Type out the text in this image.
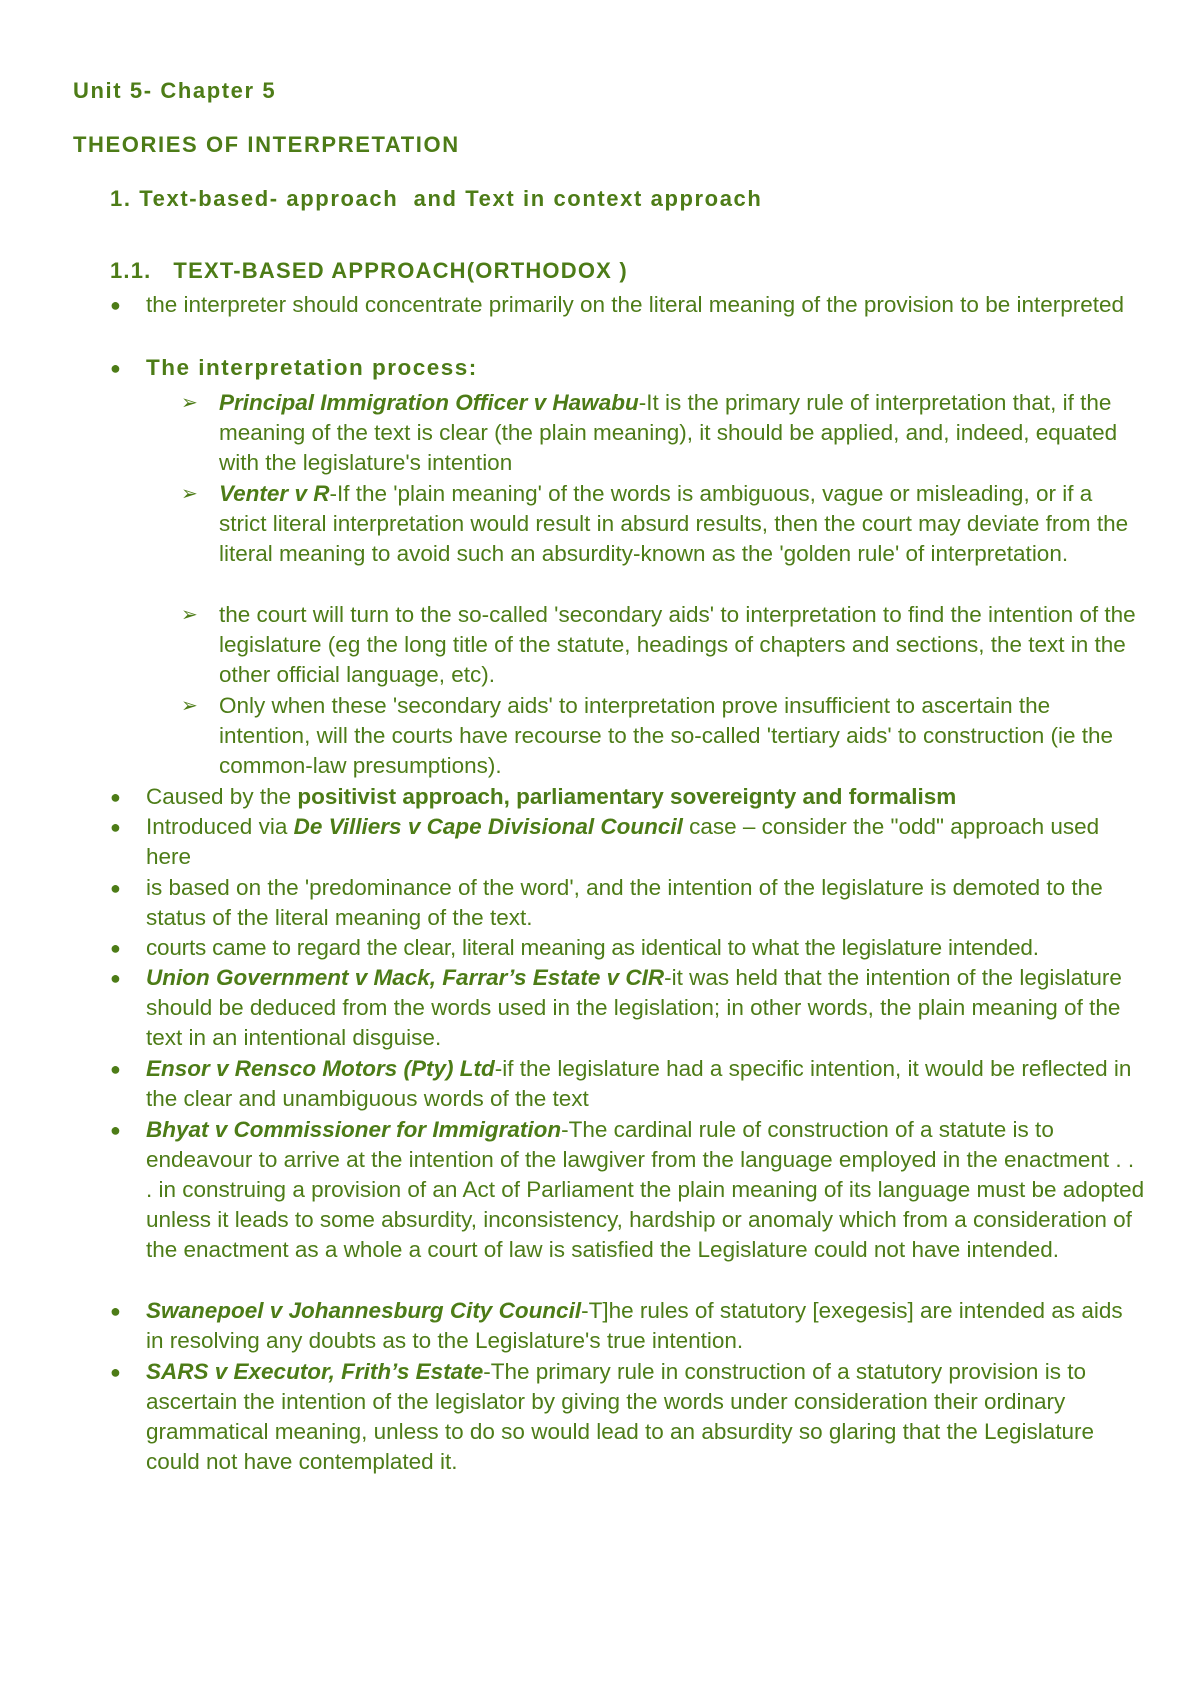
Unit 5- Chapter 5
THEORIES OF INTERPRETATION
1. Text-based- approach  and Text in context approach
1.1.   TEXT-BASED APPROACH(ORTHODOX )
● the interpreter should concentrate primarily on the literal meaning of the provision to be interpreted
● The interpretation process:
➢ Principal Immigration Officer v Hawabu-It is the primary rule of interpretation that, if the meaning of the text is clear (the plain meaning), it should be applied, and, indeed, equated with the legislature's intention
➢ Venter v R-If the 'plain meaning' of the words is ambiguous, vague or misleading, or if a strict literal interpretation would result in absurd results, then the court may deviate from the literal meaning to avoid such an absurdity-known as the 'golden rule' of interpretation.
➢ the court will turn to the so-called 'secondary aids' to interpretation to find the intention of the legislature (eg the long title of the statute, headings of chapters and sections, the text in the other official language, etc).
➢ Only when these 'secondary aids' to interpretation prove insufficient to ascertain the intention, will the courts have recourse to the so-called 'tertiary aids' to construction (ie the common-law presumptions).
● Caused by the positivist approach, parliamentary sovereignty and formalism
● Introduced via De Villiers v Cape Divisional Council case – consider the "odd" approach used here
● is based on the 'predominance of the word', and the intention of the legislature is demoted to the status of the literal meaning of the text.
● courts came to regard the clear, literal meaning as identical to what the legislature intended.
● Union Government v Mack, Farrar’s Estate v CIR-it was held that the intention of the legislature should be deduced from the words used in the legislation; in other words, the plain meaning of the text in an intentional disguise.
● Ensor v Rensco Motors (Pty) Ltd-if the legislature had a specific intention, it would be reflected in the clear and unambiguous words of the text
● Bhyat v Commissioner for Immigration-The cardinal rule of construction of a statute is to endeavour to arrive at the intention of the lawgiver from the language employed in the enactment . . . in construing a provision of an Act of Parliament the plain meaning of its language must be adopted unless it leads to some absurdity, inconsistency, hardship or anomaly which from a consideration of the enactment as a whole a court of law is satisfied the Legislature could not have intended.
● Swanepoel v Johannesburg City Council-T]he rules of statutory [exegesis] are intended as aids in resolving any doubts as to the Legislature's true intention.
● SARS v Executor, Frith’s Estate-The primary rule in construction of a statutory provision is to ascertain the intention of the legislator by giving the words under consideration their ordinary grammatical meaning, unless to do so would lead to an absurdity so glaring that the Legislature could not have contemplated it.
